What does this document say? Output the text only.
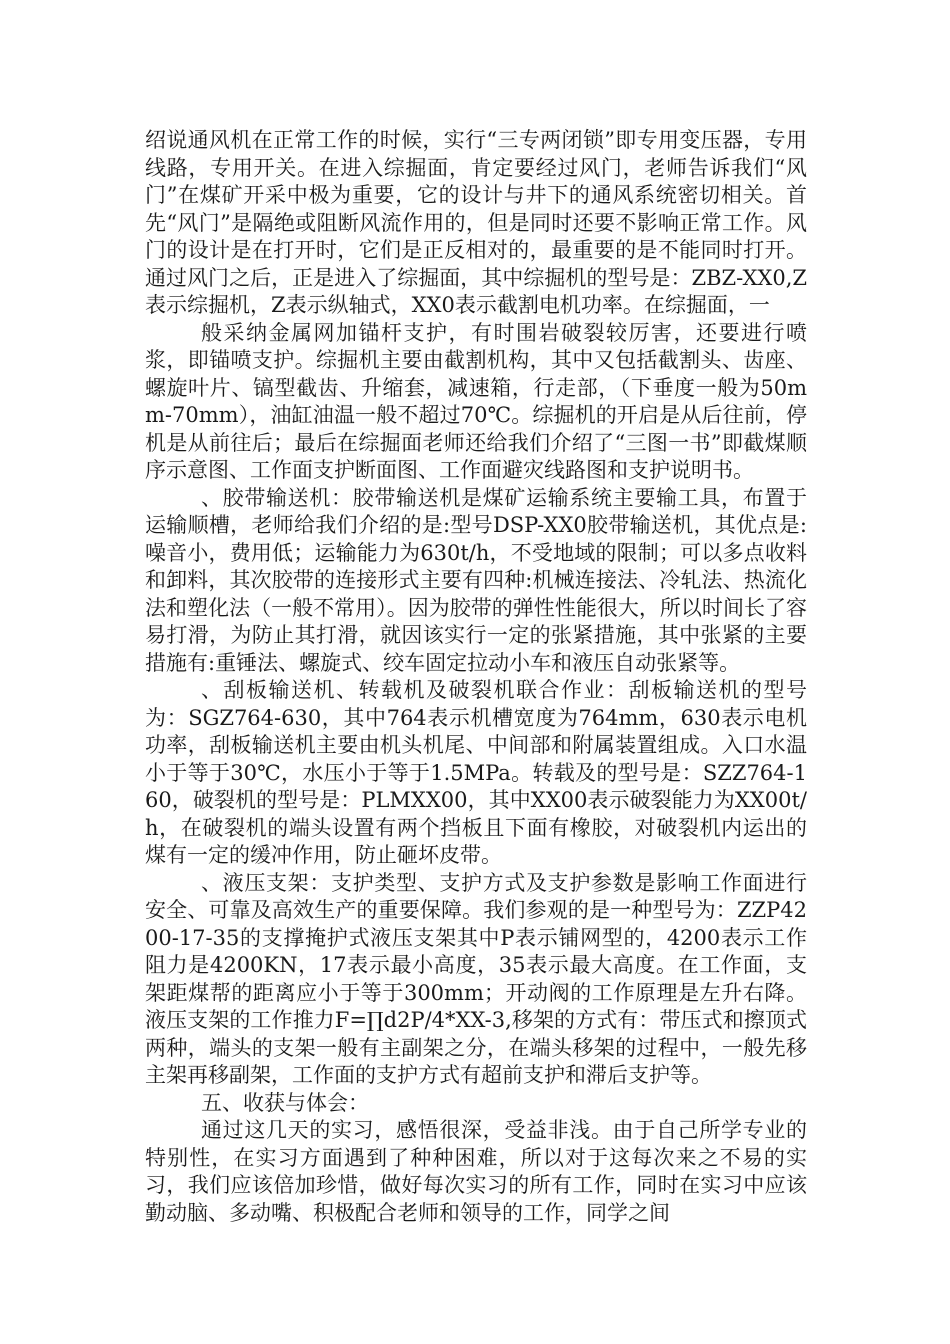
绍说通风机在正常工作的时候，实行“三专两闭锁”即专用变压器，专用线路，专用开关。在进入综掘面，肯定要经过风门，老师告诉我们“风门”在煤矿开采中极为重要，它的设计与井下的通风系统密切相关。首先“风门”是隔绝或阻断风流作用的，但是同时还要不影响正常工作。风门的设计是在打开时，它们是正反相对的，最重要的是不能同时打开。通过风门之后，正是进入了综掘面，其中综掘机的型号是：ZBZ-XX0,Z表示综掘机，Z表示纵轴式，XX0表示截割电机功率。在综掘面，一

般采纳金属网加锚杆支护，有时围岩破裂较厉害，还要进行喷浆，即锚喷支护。综掘机主要由截割机构，其中又包括截割头、齿座、螺旋叶片、镐型截齿、升缩套，减速箱，行走部，（下垂度一般为50mm-70mm），油缸油温一般不超过70℃。综掘机的开启是从后往前，停机是从前往后；最后在综掘面老师还给我们介绍了“三图一书”即截煤顺序示意图、工作面支护断面图、工作面避灾线路图和支护说明书。

、胶带输送机：胶带输送机是煤矿运输系统主要输工具，布置于运输顺槽，老师给我们介绍的是:型号DSP-XX0胶带输送机，其优点是:噪音小，费用低；运输能力为630t/h，不受地域的限制；可以多点收料和卸料，其次胶带的连接形式主要有四种:机械连接法、冷轧法、热流化法和塑化法（一般不常用）。因为胶带的弹性性能很大，所以时间长了容易打滑，为防止其打滑，就因该实行一定的张紧措施，其中张紧的主要措施有:重锤法、螺旋式、绞车固定拉动小车和液压自动张紧等。

、刮板输送机、转载机及破裂机联合作业：刮板输送机的型号为：SGZ764-630，其中764表示机槽宽度为764mm，630表示电机功率，刮板输送机主要由机头机尾、中间部和附属装置组成。入口水温小于等于30℃，水压小于等于1.5MPa。转载及的型号是：SZZ764-160，破裂机的型号是：PLMXX00，其中XX00表示破裂能力为XX00t/h，在破裂机的端头设置有两个挡板且下面有橡胶，对破裂机内运出的煤有一定的缓冲作用，防止砸坏皮带。

、液压支架：支护类型、支护方式及支护参数是影响工作面进行安全、可靠及高效生产的重要保障。我们参观的是一种型号为：ZZP4200-17-35的支撑掩护式液压支架其中P表示铺网型的，4200表示工作阻力是4200KN，17表示最小高度，35表示最大高度。在工作面，支架距煤帮的距离应小于等于300mm；开动阀的工作原理是左升右降。液压支架的工作推力F=∏d2P/4*XX-3,移架的方式有：带压式和擦顶式两种，端头的支架一般有主副架之分，在端头移架的过程中，一般先移主架再移副架，工作面的支护方式有超前支护和滞后支护等。

五、收获与体会：

通过这几天的实习，感悟很深，受益非浅。由于自己所学专业的特别性，在实习方面遇到了种种困难，所以对于这每次来之不易的实习，我们应该倍加珍惜，做好每次实习的所有工作，同时在实习中应该勤动脑、多动嘴、积极配合老师和领导的工作，同学之间
